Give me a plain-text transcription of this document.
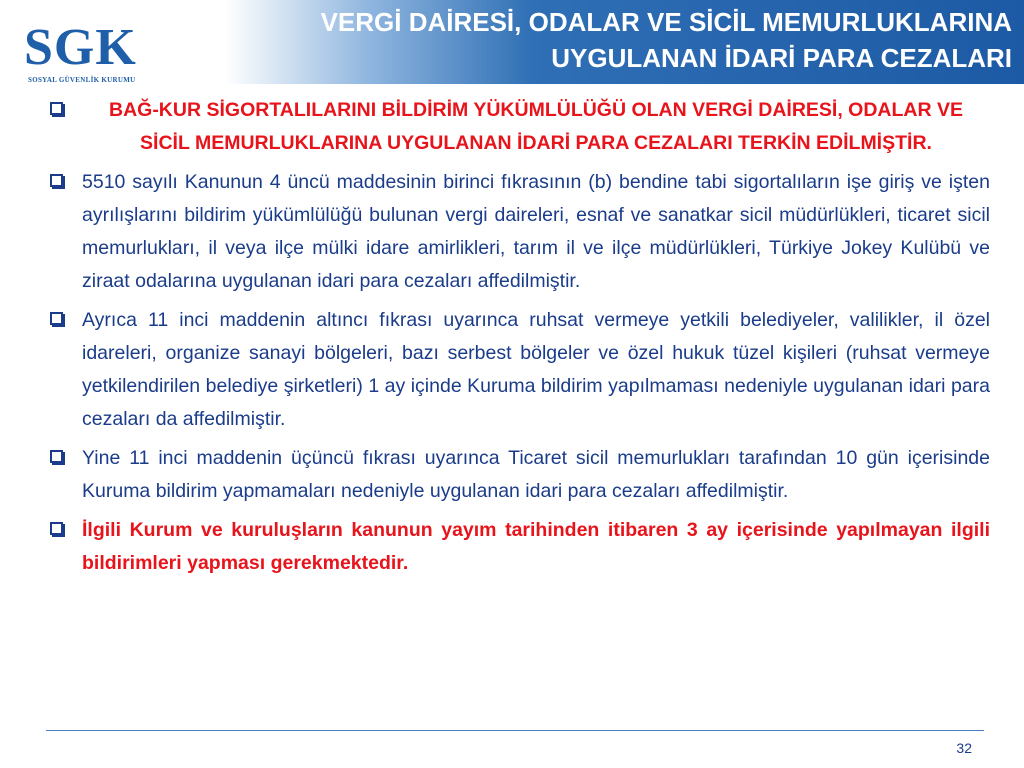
SGK
SOSYAL GÜVENLİK KURUMU
VERGİ DAİRESİ, ODALAR VE SİCİL MEMURLUKLARINA
UYGULANAN İDARİ PARA CEZALARI
BAĞ-KUR SİGORTALILARINI BİLDİRİM YÜKÜMLÜLÜĞÜ OLAN VERGİ DAİRESİ, ODALAR VE SİCİL MEMURLUKLARINA UYGULANAN İDARİ PARA CEZALARI TERKİN EDİLMİŞTİR.
5510 sayılı Kanunun 4 üncü maddesinin birinci fıkrasının (b) bendine tabi sigortalıların işe giriş ve işten ayrılışlarını bildirim yükümlülüğü bulunan vergi daireleri, esnaf ve sanatkar sicil müdürlükleri, ticaret sicil memurlukları, il veya ilçe mülki idare amirlikleri, tarım il ve ilçe müdürlükleri, Türkiye Jokey Kulübü ve ziraat odalarına uygulanan idari para cezaları affedilmiştir.
Ayrıca 11 inci maddenin altıncı fıkrası uyarınca ruhsat vermeye yetkili belediyeler, valilikler, il özel idareleri, organize sanayi bölgeleri, bazı serbest bölgeler ve özel hukuk tüzel kişileri (ruhsat vermeye yetkilendirilen belediye şirketleri) 1 ay içinde Kuruma bildirim yapılmaması nedeniyle uygulanan idari para cezaları da affedilmiştir.
Yine 11 inci maddenin üçüncü fıkrası uyarınca Ticaret sicil memurlukları tarafından 10 gün içerisinde Kuruma bildirim yapmamaları nedeniyle uygulanan idari para cezaları affedilmiştir.
İlgili Kurum ve kuruluşların kanunun yayım tarihinden itibaren 3 ay içerisinde yapılmayan ilgili bildirimleri yapması gerekmektedir.
32
